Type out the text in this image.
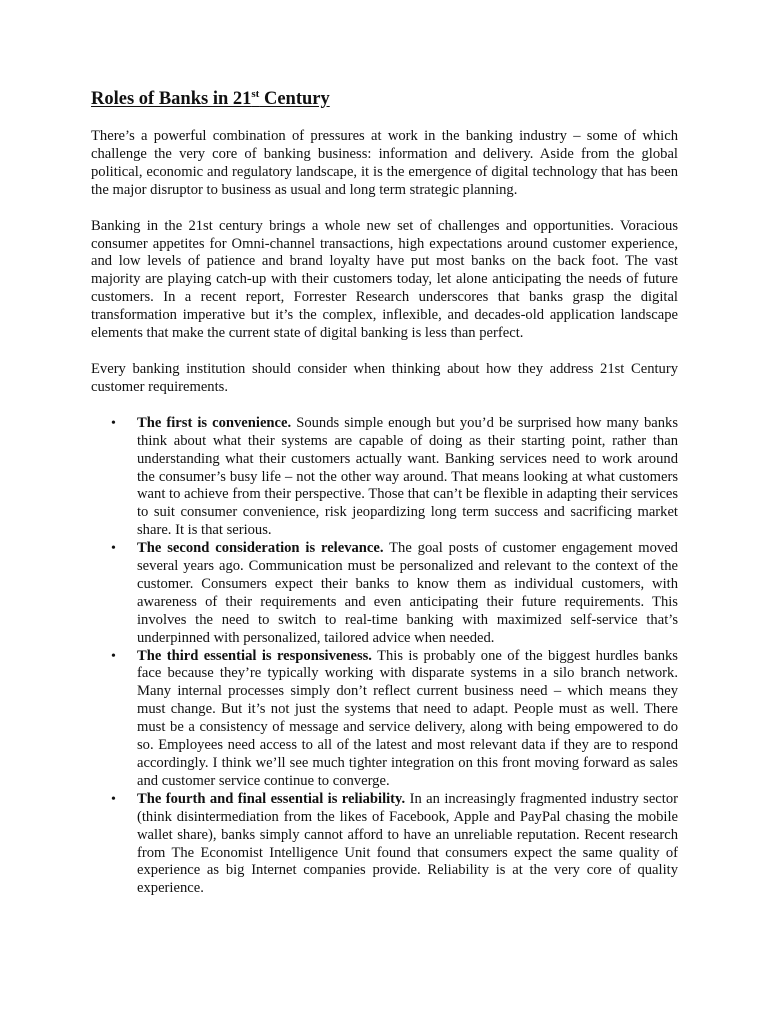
Roles of Banks in 21st Century

There’s a powerful combination of pressures at work in the banking industry – some of which challenge the very core of banking business: information and delivery. Aside from the global political, economic and regulatory landscape, it is the emergence of digital technology that has been the major disruptor to business as usual and long term strategic planning.

Banking in the 21st century brings a whole new set of challenges and opportunities. Voracious consumer appetites for Omni-channel transactions, high expectations around customer experience, and low levels of patience and brand loyalty have put most banks on the back foot. The vast majority are playing catch-up with their customers today, let alone anticipating the needs of future customers. In a recent report, Forrester Research underscores that banks grasp the digital transformation imperative but it’s the complex, inflexible, and decades-old application landscape elements that make the current state of digital banking is less than perfect.

Every banking institution should consider when thinking about how they address 21st Century customer requirements.

• The first is convenience. Sounds simple enough but you’d be surprised how many banks think about what their systems are capable of doing as their starting point, rather than understanding what their customers actually want. Banking services need to work around the consumer’s busy life – not the other way around. That means looking at what customers want to achieve from their perspective. Those that can’t be flexible in adapting their services to suit consumer convenience, risk jeopardizing long term success and sacrificing market share. It is that serious.
• The second consideration is relevance. The goal posts of customer engagement moved several years ago. Communication must be personalized and relevant to the context of the customer. Consumers expect their banks to know them as individual customers, with awareness of their requirements and even anticipating their future requirements. This involves the need to switch to real-time banking with maximized self-service that’s underpinned with personalized, tailored advice when needed.
• The third essential is responsiveness. This is probably one of the biggest hurdles banks face because they’re typically working with disparate systems in a silo branch network. Many internal processes simply don’t reflect current business need – which means they must change. But it’s not just the systems that need to adapt. People must as well. There must be a consistency of message and service delivery, along with being empowered to do so. Employees need access to all of the latest and most relevant data if they are to respond accordingly. I think we’ll see much tighter integration on this front moving forward as sales and customer service continue to converge.
• The fourth and final essential is reliability. In an increasingly fragmented industry sector (think disintermediation from the likes of Facebook, Apple and PayPal chasing the mobile wallet share), banks simply cannot afford to have an unreliable reputation. Recent research from The Economist Intelligence Unit found that consumers expect the same quality of experience as big Internet companies provide. Reliability is at the very core of quality experience.
